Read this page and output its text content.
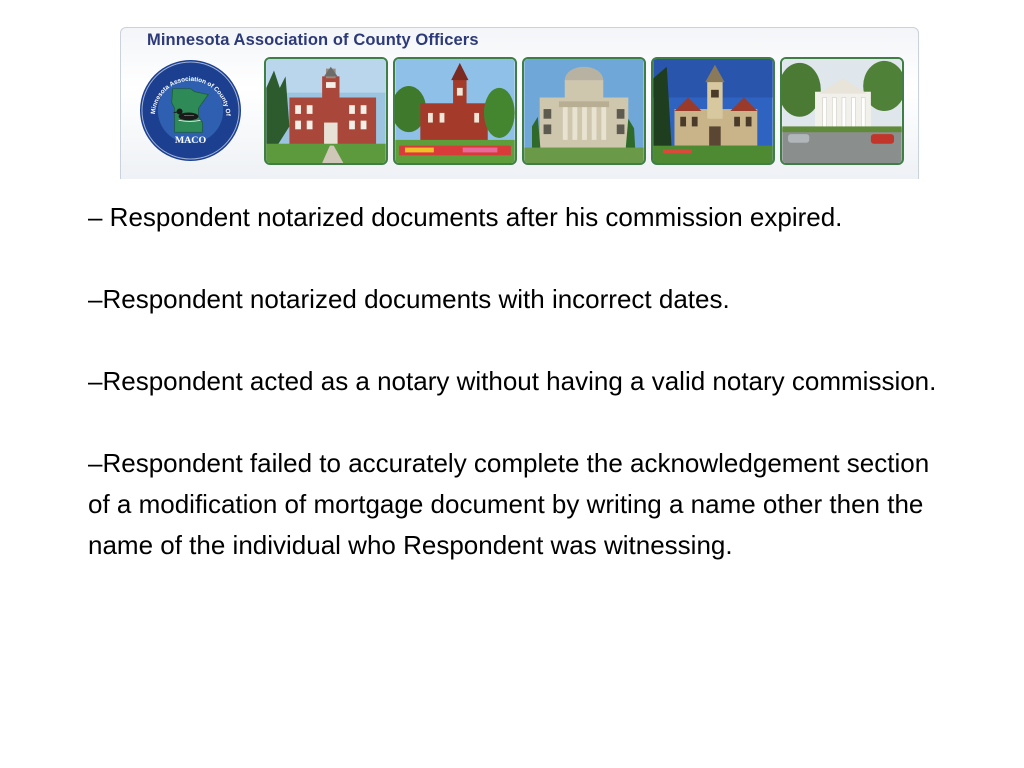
Minnesota Association of County Officers
Minnesota Association of County Of
MACO

– Respondent notarized documents after his commission expired.

–Respondent notarized documents with incorrect dates.

–Respondent acted as a notary without having a valid notary commission.

–Respondent failed to accurately complete the acknowledgement section of a modification of mortgage document by writing a name other then the name of the individual who Respondent was witnessing.
